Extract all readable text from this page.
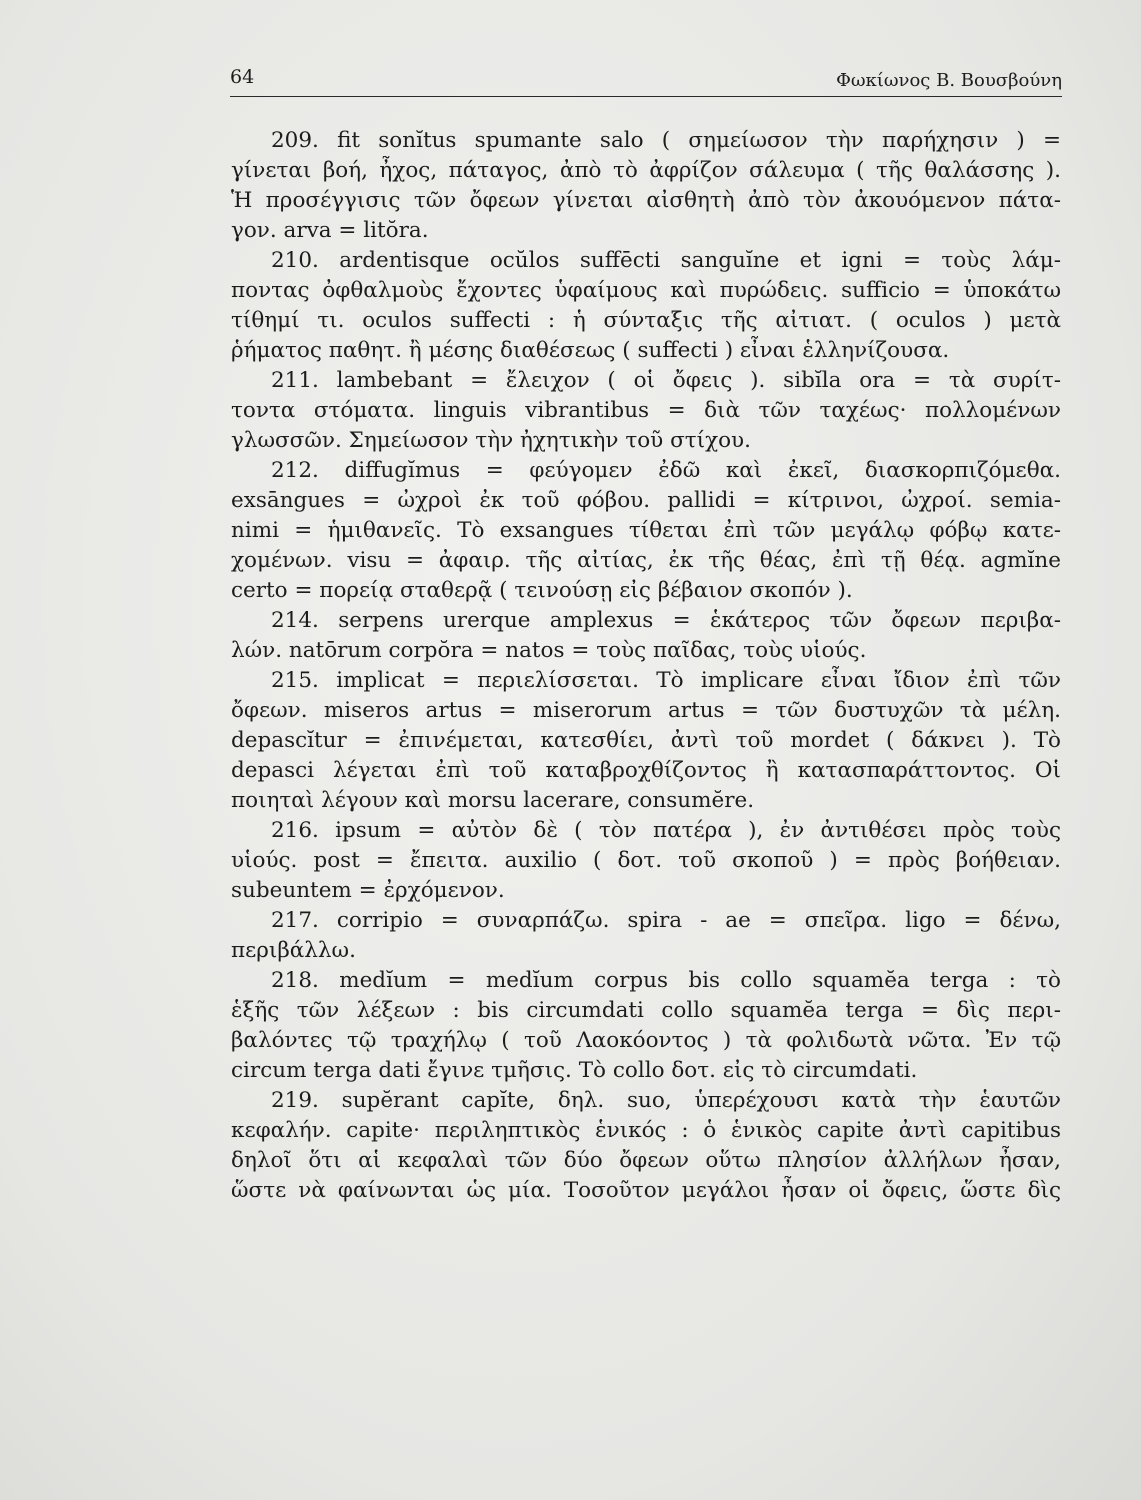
64	Φωκίωνος Β. Βουσβούνη
209. fit sonĭtus spumante salo ( σημείωσον τὴν παρήχησιν ) =
γίνεται βοή, ἦχος, πάταγος, ἀπὸ τὸ ἀφρίζον σάλευμα ( τῆς θαλάσσης ).
Ἡ προσέγγισις τῶν ὄφεων γίνεται αἰσθητὴ ἀπὸ τὸν ἀκουόμενον πάτα-
γον. arva = litŏra.
210. ardentisque ocŭlos suffēcti sanguĭne et igni = τοὺς λάμ-
ποντας ὀφθαλμοὺς ἔχοντες ὑφαίμους καὶ πυρώδεις. sufficio = ὑποκάτω
τίθημί τι. oculos suffecti : ἡ σύνταξις τῆς αἰτιατ. ( oculos ) μετὰ
ῥήματος παθητ. ἢ μέσης διαθέσεως ( suffecti ) εἶναι ἑλληνίζουσα.
211. lambebant = ἔλειχον ( οἱ ὄφεις ). sibĭla ora = τὰ συρίτ-
τοντα στόματα. linguis vibrantibus = διὰ τῶν ταχέως· πολλομένων
γλωσσῶν. Σημείωσον τὴν ἠχητικὴν τοῦ στίχου.
212. diffugĭmus = φεύγομεν ἐδῶ καὶ ἐκεῖ, διασκορπιζόμεθα.
exsāngues = ὠχροὶ ἐκ τοῦ φόβου. pallidi = κίτρινοι, ὠχροί. semia-
nimi = ἡμιθανεῖς. Τὸ exsangues τίθεται ἐπὶ τῶν μεγάλῳ φόβῳ κατε-
χομένων. visu = ἀφαιρ. τῆς αἰτίας, ἐκ τῆς θέας, ἐπὶ τῇ θέᾳ. agmĭne
certo = πορείᾳ σταθερᾷ ( τεινούσῃ εἰς βέβαιον σκοπόν ).
214. serpens urerque amplexus = ἑκάτερος τῶν ὄφεων περιβα-
λών. natōrum corpŏra = natos = τοὺς παῖδας, τοὺς υἱούς.
215. implicat = περιελίσσεται. Τὸ implicare εἶναι ἴδιον ἐπὶ τῶν
ὄφεων. miseros artus = miserorum artus = τῶν δυστυχῶν τὰ μέλη.
depascĭtur = ἐπινέμεται, κατεσθίει, ἀντὶ τοῦ mordet ( δάκνει ). Τὸ
depasci λέγεται ἐπὶ τοῦ καταβροχθίζοντος ἢ κατασπαράττοντος. Οἱ
ποιηταὶ λέγουν καὶ morsu lacerare, consumĕre.
216. ipsum = αὐτὸν δὲ ( τὸν πατέρα ), ἐν ἀντιθέσει πρὸς τοὺς
υἱούς. post = ἔπειτα. auxilio ( δοτ. τοῦ σκοποῦ ) = πρὸς βοήθειαν.
subeuntem = ἐρχόμενον.
217. corripio = συναρπάζω. spira - ae = σπεῖρα. ligo = δένω,
περιβάλλω.
218. medĭum = medĭum corpus bis collo squamĕa terga : τὸ
ἑξῆς τῶν λέξεων : bis circumdati collo squamĕa terga = δὶς περι-
βαλόντες τῷ τραχήλῳ ( τοῦ Λαοκόοντος ) τὰ φολιδωτὰ νῶτα. Ἐν τῷ
circum terga dati ἔγινε τμῆσις. Τὸ collo δοτ. εἰς τὸ circumdati.
219. supĕrant capĭte, δηλ. suo, ὑπερέχουσι κατὰ τὴν ἑαυτῶν
κεφαλήν. capite· περιληπτικὸς ἑνικός : ὁ ἑνικὸς capite ἀντὶ capitibus
δηλοῖ ὅτι αἱ κεφαλαὶ τῶν δύο ὄφεων οὕτω πλησίον ἀλλήλων ἦσαν,
ὥστε νὰ φαίνωνται ὡς μία. Τοσοῦτον μεγάλοι ἦσαν οἱ ὄφεις, ὥστε δὶς
